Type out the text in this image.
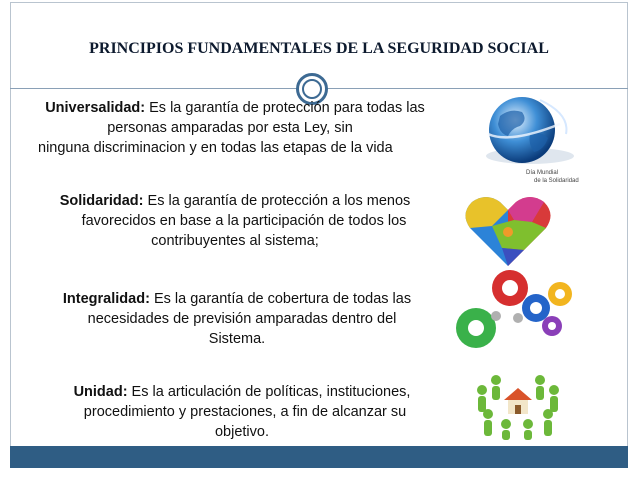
PRINCIPIOS FUNDAMENTALES DE LA SEGURIDAD SOCIAL
Universalidad: Es la garantía de protección para todas las
personas amparadas por esta Ley, sin
ninguna discriminacion y en todas las etapas de la vida
Solidaridad: Es la garantía de protección a los menos
favorecidos en base a la participación de todos los
contribuyentes al sistema;
Integralidad: Es la garantía de cobertura de todas las
necesidades de previsión amparadas dentro del
Sistema.
Unidad: Es la articulación de políticas, instituciones,
procedimiento y prestaciones, a fin de alcanzar su
objetivo.
Día Mundial
de la Solidaridad
